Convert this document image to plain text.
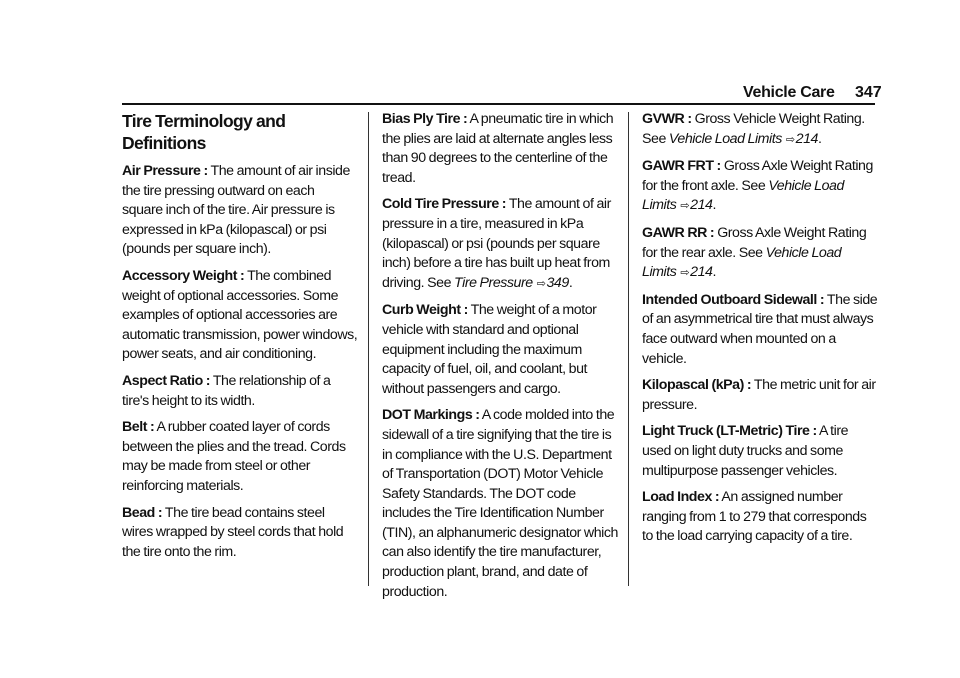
Vehicle Care 347
Tire Terminology and Definitions

Air Pressure : The amount of air inside the tire pressing outward on each square inch of the tire. Air pressure is expressed in kPa (kilopascal) or psi (pounds per square inch).

Accessory Weight : The combined weight of optional accessories. Some examples of optional accessories are automatic transmission, power windows, power seats, and air conditioning.

Aspect Ratio : The relationship of a tire's height to its width.

Belt : A rubber coated layer of cords between the plies and the tread. Cords may be made from steel or other reinforcing materials.

Bead : The tire bead contains steel wires wrapped by steel cords that hold the tire onto the rim.

Bias Ply Tire : A pneumatic tire in which the plies are laid at alternate angles less than 90 degrees to the centerline of the tread.

Cold Tire Pressure : The amount of air pressure in a tire, measured in kPa (kilopascal) or psi (pounds per square inch) before a tire has built up heat from driving. See Tire Pressure ⇨349.

Curb Weight : The weight of a motor vehicle with standard and optional equipment including the maximum capacity of fuel, oil, and coolant, but without passengers and cargo.

DOT Markings : A code molded into the sidewall of a tire signifying that the tire is in compliance with the U.S. Department of Transportation (DOT) Motor Vehicle Safety Standards. The DOT code includes the Tire Identification Number (TIN), an alphanumeric designator which can also identify the tire manufacturer, production plant, brand, and date of production.

GVWR : Gross Vehicle Weight Rating. See Vehicle Load Limits ⇨214.

GAWR FRT : Gross Axle Weight Rating for the front axle. See Vehicle Load Limits ⇨214.

GAWR RR : Gross Axle Weight Rating for the rear axle. See Vehicle Load Limits ⇨214.

Intended Outboard Sidewall : The side of an asymmetrical tire that must always face outward when mounted on a vehicle.

Kilopascal (kPa) : The metric unit for air pressure.

Light Truck (LT-Metric) Tire : A tire used on light duty trucks and some multipurpose passenger vehicles.

Load Index : An assigned number ranging from 1 to 279 that corresponds to the load carrying capacity of a tire.
